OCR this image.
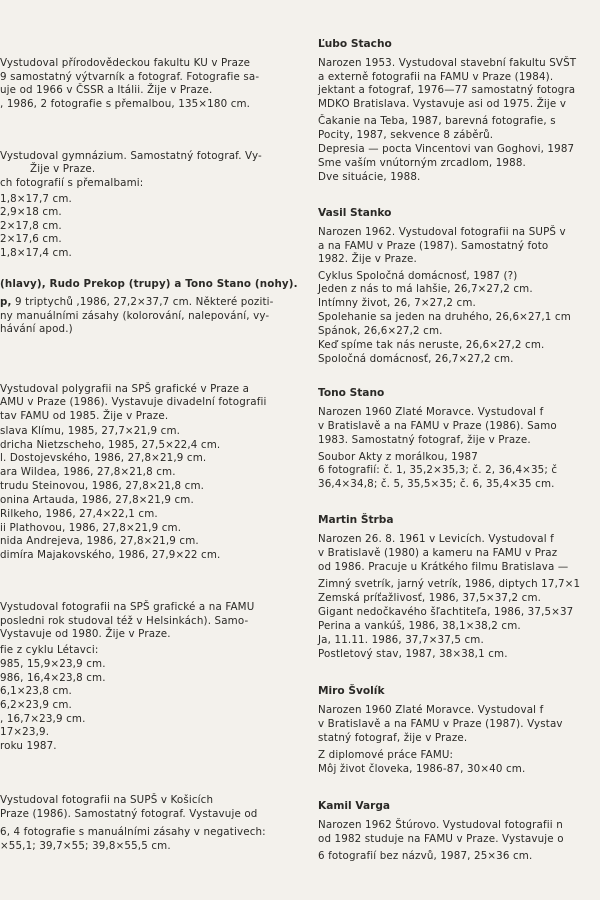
Vystudoval přírodovědeckou fakultu KU v Praze
9 samostatný výtvarník a fotograf. Fotografie sa-
uje od 1966 v ČSSR a Itálii. Žije v Praze.
, 1986, 2 fotografie s přemalbou, 135×180 cm.
Vystudoval gymnázium. Samostatný fotograf. Vy-
Žije v Praze.
ch fotografií s přemalbami:
1,8×17,7 cm.
2,9×18 cm.
2×17,8 cm.
2×17,6 cm.
1,8×17,4 cm.
(hlavy), Rudo Prekop (trupy) a Tono Stano (nohy).
p, 9 triptychů ,1986, 27,2×37,7 cm. Některé poziti-
ny manuálními zásahy (kolorování, nalepování, vy-
hávání apod.)
Vystudoval polygrafii na SPŠ grafické v Praze a
AMU v Praze (1986). Vystavuje divadelní fotografii
tav FAMU od 1985. Žije v Praze.
slava Klímu, 1985, 27,7×21,9 cm.
dricha Nietzscheho, 1985, 27,5×22,4 cm.
l. Dostojevského, 1986, 27,8×21,9 cm.
ara Wildea, 1986, 27,8×21,8 cm.
trudu Steinovou, 1986, 27,8×21,8 cm.
onina Artauda, 1986, 27,8×21,9 cm.
Rilkeho, 1986, 27,4×22,1 cm.
ii Plathovou, 1986, 27,8×21,9 cm.
nida Andrejeva, 1986, 27,8×21,9 cm.
dimíra Majakovského, 1986, 27,9×22 cm.
Vystudoval fotografii na SPŠ grafické a na FAMU
posledni rok studoval též v Helsinkách). Samo-
Vystavuje od 1980. Žije v Praze.
fie z cyklu Létavci:
985, 15,9×23,9 cm.
986, 16,4×23,8 cm.
6,1×23,8 cm.
6,2×23,9 cm.
, 16,7×23,9 cm.
17×23,9.
roku 1987.
Vystudoval fotografii na SUPŠ v Košicích
Praze (1986). Samostatný fotograf. Vystavuje od
6, 4 fotografie s manuálními zásahy v negativech:
×55,1; 39,7×55; 39,8×55,5 cm.
Ľubo Stacho
Narozen 1953. Vystudoval stavební fakultu SVŠT
a externě fotografii na FAMU v Praze (1984).
jektant a fotograf, 1976—77 samostatný fotogra
MDKO Bratislava. Vystavuje asi od 1975. Žije v
Čakanie na Teba, 1987, barevná fotografie, s
Pocity, 1987, sekvence 8 záběrů.
Depresia — pocta Vincentovi van Goghovi, 1987
Sme vaším vnútorným zrcadlom, 1988.
Dve situácie, 1988.
Vasil Stanko
Narozen 1962. Vystudoval fotografii na SUPŠ v
a na FAMU v Praze (1987). Samostatný foto
1982. Žije v Praze.
Cyklus Spoločná domácnosť, 1987 (?)
Jeden z nás to má lahšie, 26,7×27,2 cm.
Intímny život, 26, 7×27,2 cm.
Spolehanie sa jeden na druhého, 26,6×27,1 cm
Spánok, 26,6×27,2 cm.
Keď spíme tak nás neruste, 26,6×27,2 cm.
Spoločná domácnosť, 26,7×27,2 cm.
Tono Stano
Narozen 1960 Zlaté Moravce. Vystudoval f
v Bratislavě a na FAMU v Praze (1986). Samo
1983. Samostatný fotograf, žije v Praze.
Soubor Akty z morálkou, 1987
6 fotografií: č. 1, 35,2×35,3; č. 2, 36,4×35; č
36,4×34,8; č. 5, 35,5×35; č. 6, 35,4×35 cm.
Martin Štrba
Narozen 26. 8. 1961 v Levicích. Vystudoval f
v Bratislavě (1980) a kameru na FAMU v Praz
od 1986. Pracuje u Krátkého filmu Bratislava —
Zimný svetrík, jarný vetrík, 1986, diptych 17,7×1
Zemská príťažlivosť, 1986, 37,5×37,2 cm.
Gigant nedočkavého šľachtiteľa, 1986, 37,5×37
Perina a vankúš, 1986, 38,1×38,2 cm.
Ja, 11.11. 1986, 37,7×37,5 cm.
Postletový stav, 1987, 38×38,1 cm.
Miro Švolík
Narozen 1960 Zlaté Moravce. Vystudoval f
v Bratislavě a na FAMU v Praze (1987). Vystav
statný fotograf, žije v Praze.
Z diplomové práce FAMU:
Môj život človeka, 1986-87, 30×40 cm.
Kamil Varga
Narozen 1962 Štúrovo. Vystudoval fotografii n
od 1982 studuje na FAMU v Praze. Vystavuje o
6 fotografií bez názvů, 1987, 25×36 cm.
